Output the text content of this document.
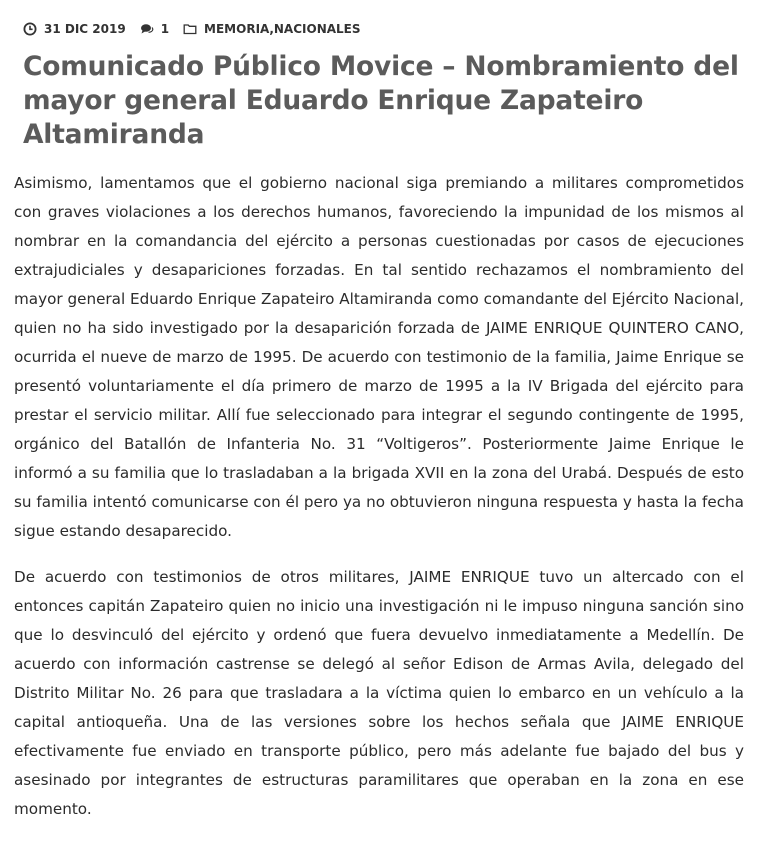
31 DIC 2019	1	MEMORIA , NACIONALES
Comunicado Público Movice – Nombramiento del mayor general Eduardo Enrique Zapateiro Altamiranda

Asimismo, lamentamos que el gobierno nacional siga premiando a militares comprometidos con graves violaciones a los derechos humanos, favoreciendo la impunidad de los mismos al nombrar en la comandancia del ejército a personas cuestionadas por casos de ejecuciones extrajudiciales y desapariciones forzadas. En tal sentido rechazamos el nombramiento del mayor general Eduardo Enrique Zapateiro Altamiranda como comandante del Ejército Nacional, quien no ha sido investigado por la desaparición forzada de JAIME ENRIQUE QUINTERO CANO, ocurrida el nueve de marzo de 1995. De acuerdo con testimonio de la familia, Jaime Enrique se presentó voluntariamente el día primero de marzo de 1995 a la IV Brigada del ejército para prestar el servicio militar. Allí fue seleccionado para integrar el segundo contingente de 1995, orgánico del Batallón de Infanteria No. 31 “Voltigeros”. Posteriormente Jaime Enrique le informó a su familia que lo trasladaban a la brigada XVII en la zona del Urabá. Después de esto su familia intentó comunicarse con él pero ya no obtuvieron ninguna respuesta y hasta la fecha sigue estando desaparecido.

De acuerdo con testimonios de otros militares, JAIME ENRIQUE tuvo un altercado con el entonces capitán Zapateiro quien no inicio una investigación ni le impuso ninguna sanción sino que lo desvinculó del ejército y ordenó que fuera devuelvo inmediatamente a Medellín. De acuerdo con información castrense se delegó al señor Edison de Armas Avila, delegado del Distrito Militar No. 26 para que trasladara a la víctima quien lo embarco en un vehículo a la capital antioqueña. Una de las versiones sobre los hechos señala que JAIME ENRIQUE efectivamente fue enviado en transporte público, pero más adelante fue bajado del bus y asesinado por integrantes de estructuras paramilitares que operaban en la zona en ese momento.
